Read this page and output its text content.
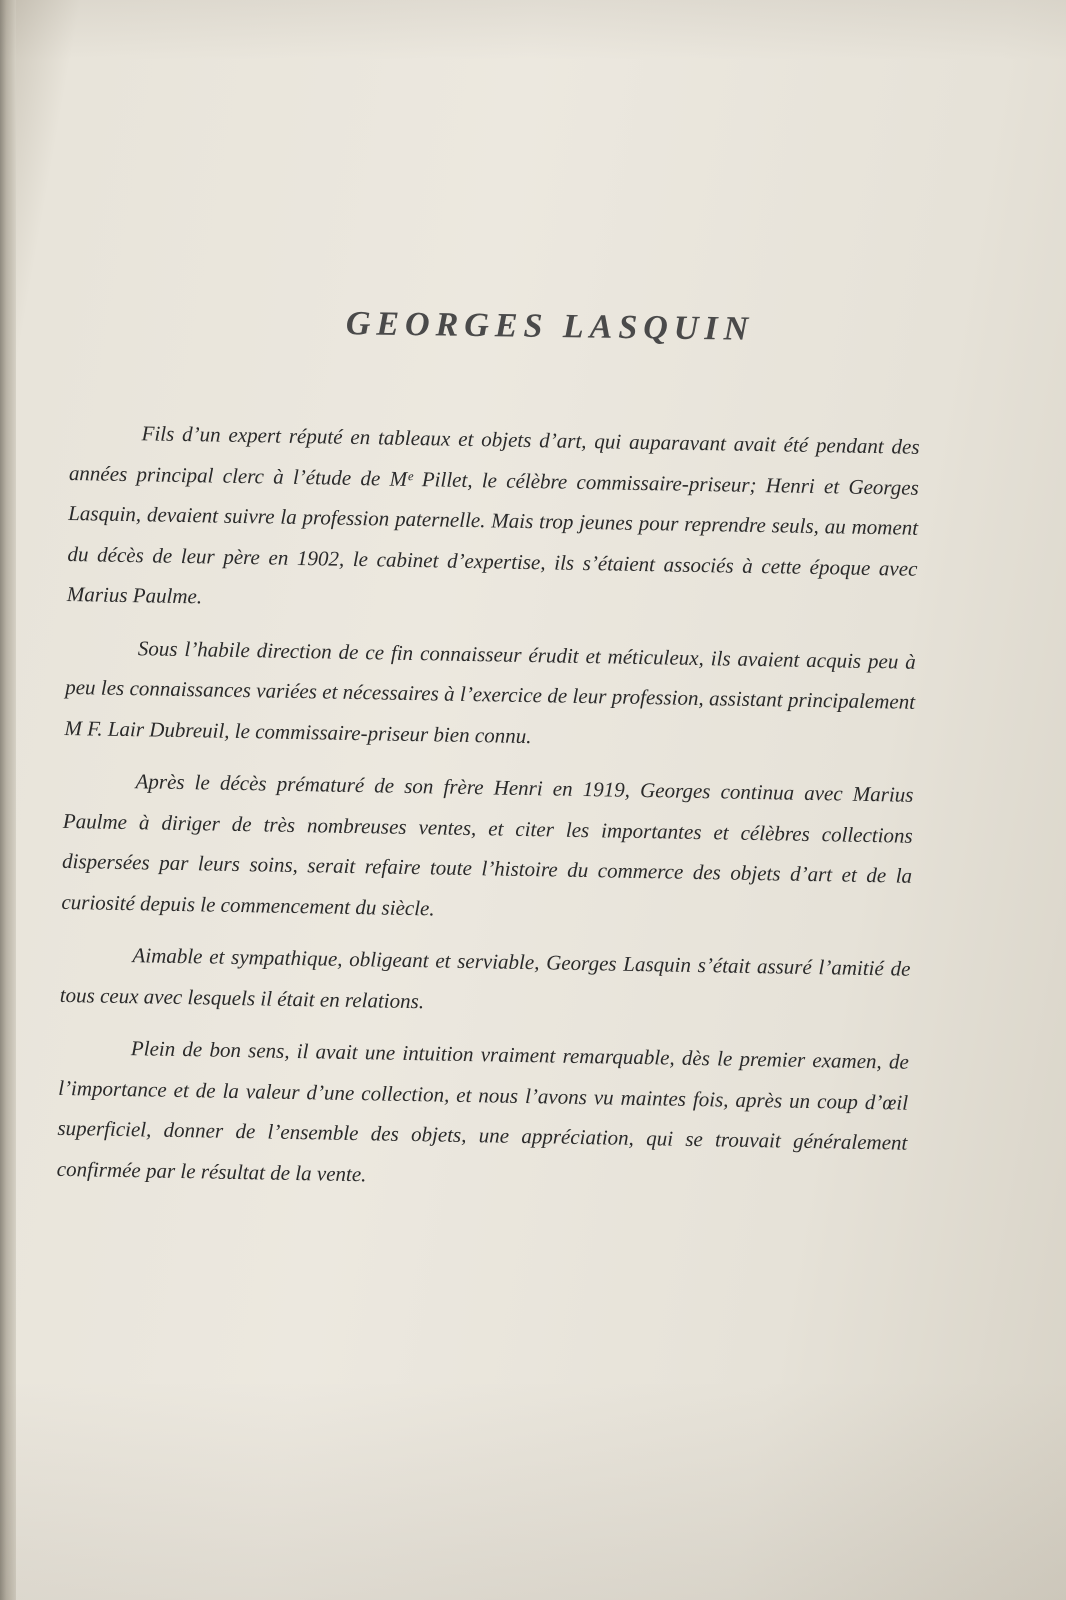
GEORGES LASQUIN

Fils d’un expert réputé en tableaux et objets d’art, qui auparavant avait été pendant des années principal clerc à l’étude de Mᵉ Pillet, le célèbre commissaire-priseur; Henri et Georges Lasquin, devaient suivre la profession paternelle. Mais trop jeunes pour reprendre seuls, au moment du décès de leur père en 1902, le cabinet d’expertise, ils s’étaient associés à cette époque avec Marius Paulme.

Sous l’habile direction de ce fin connaisseur érudit et méticuleux, ils avaient acquis peu à peu les connaissances variées et nécessaires à l’exercice de leur profession, assistant principalement M F. Lair Dubreuil, le commissaire-priseur bien connu.

Après le décès prématuré de son frère Henri en 1919, Georges continua avec Marius Paulme à diriger de très nombreuses ventes, et citer les importantes et célèbres collections dispersées par leurs soins, serait refaire toute l’histoire du commerce des objets d’art et de la curiosité depuis le commencement du siècle.

Aimable et sympathique, obligeant et serviable, Georges Lasquin s’était assuré l’amitié de tous ceux avec lesquels il était en relations.

Plein de bon sens, il avait une intuition vraiment remarquable, dès le premier examen, de l’importance et de la valeur d’une collection, et nous l’avons vu maintes fois, après un coup d’œil superficiel, donner de l’ensemble des objets, une appréciation, qui se trouvait généralement confirmée par le résultat de la vente.
